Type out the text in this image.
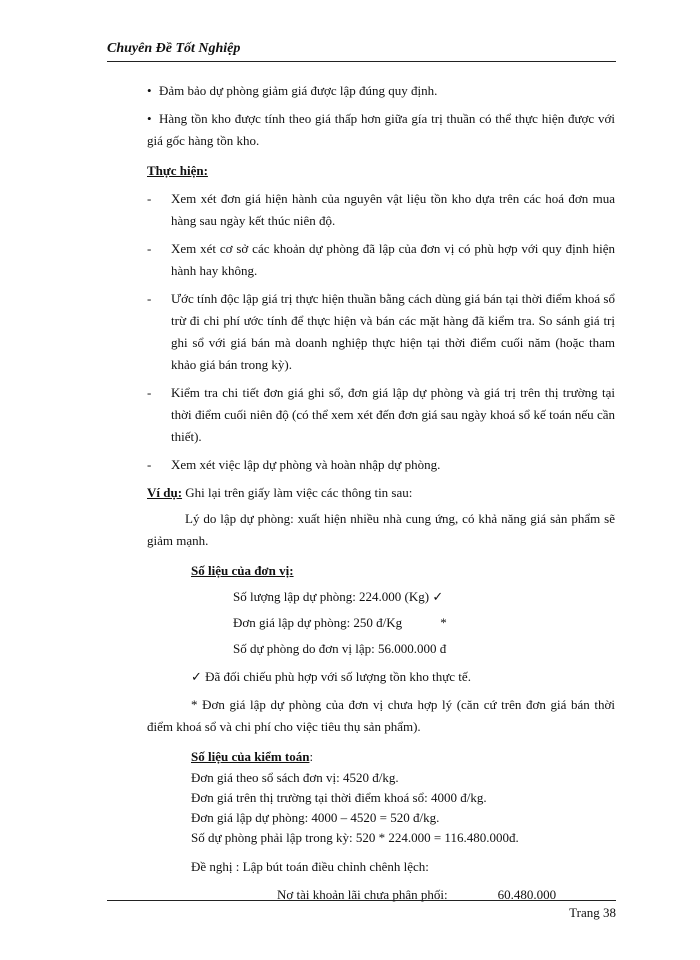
Chuyên Đề Tốt Nghiệp

• Đảm bảo dự phòng giảm giá được lập đúng quy định.

• Hàng tồn kho được tính theo giá thấp hơn giữa gía trị thuần có thể thực hiện được với giá gốc hàng tồn kho.

Thực hiện:

-	Xem xét đơn giá hiện hành của nguyên vật liệu tồn kho dựa trên các hoá đơn mua hàng sau ngày kết thúc niên độ.
-	Xem xét cơ sở các khoản dự phòng đã lập của đơn vị có phù hợp với quy định hiện hành hay không.
-	Ước tính độc lập giá trị thực hiện thuần bằng cách dùng giá bán tại thời điểm khoá sổ trừ đi chi phí ước tính để thực hiện và bán các mặt hàng đã kiểm tra. So sánh giá trị ghi sổ với giá bán mà doanh nghiệp thực hiện tại thời điểm cuối năm (hoặc tham khảo giá bán trong kỳ).
-	Kiểm tra chi tiết đơn giá ghi sổ, đơn giá lập dự phòng và giá trị trên thị trường tại thời điểm cuối niên độ (có thể xem xét đến đơn giá sau ngày khoá sổ kế toán nếu cần thiết).
-	Xem xét việc lập dự phòng và hoàn nhập dự phòng.

Ví dụ: Ghi lại trên giấy làm việc các thông tin sau:

Lý do lập dự phòng: xuất hiện nhiều nhà cung ứng, có khả năng giá sản phẩm sẽ giảm mạnh.

Số liệu của đơn vị:

Số lượng lập dự phòng: 224.000 (Kg) ✓

Đơn giá lập dự phòng: 250 đ/Kg	*

Số dự phòng do đơn vị lập: 56.000.000 đ

✓ Đã đối chiếu phù hợp với số lượng tồn kho thực tế.

* Đơn giá lập dự phòng của đơn vị chưa hợp lý (căn cứ trên đơn giá bán thời điểm khoá sổ và chi phí cho việc tiêu thụ sản phẩm).

Số liệu của kiểm toán:

Đơn giá theo sổ sách đơn vị: 4520 đ/kg.

Đơn giá trên thị trường tại thời điểm khoá sổ: 4000 đ/kg.

Đơn giá lập dự phòng: 4000 – 4520 = 520 đ/kg.

Số dự phòng phải lập trong kỳ: 520 * 224.000 = 116.480.000đ.

Đề nghị : Lập bút toán điều chỉnh chênh lệch:

Nợ tài khoản lãi chưa phân phối:	60.480.000

Trang 38
